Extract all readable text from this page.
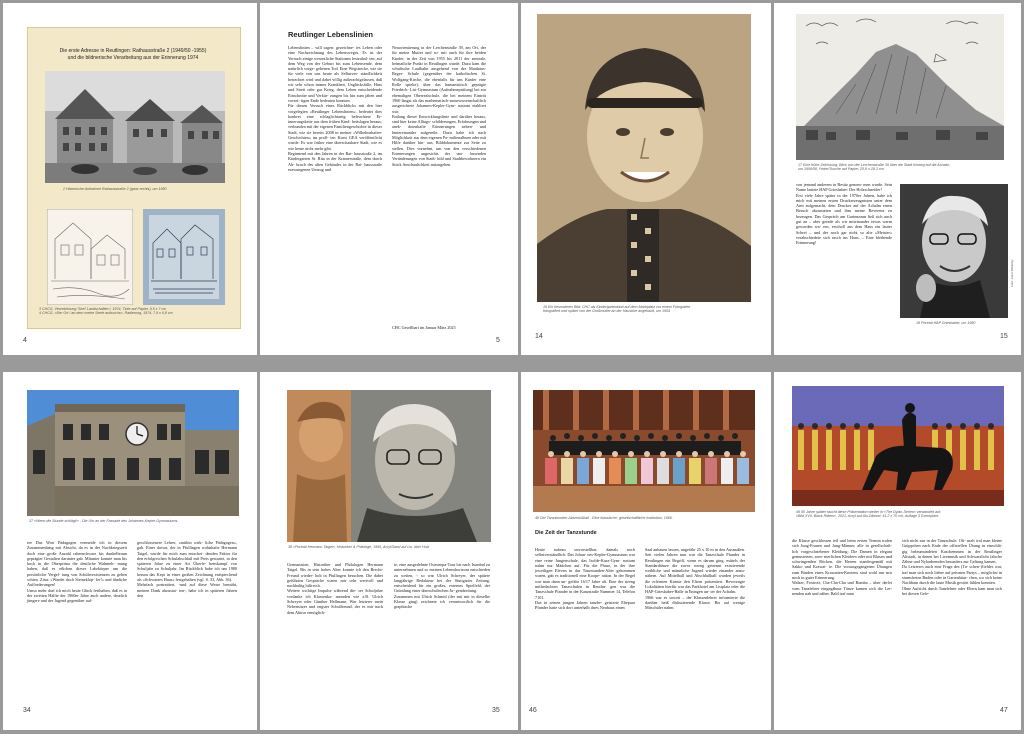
Die erste Adresse in Reutlingen: Rathausstraße 2 (1949/50 -1955)
und die bildnerische Verarbeitung aus der Erinnerung 1974
2 Historische Aufnahme Rathausstraße 2 (ganz rechts), um 1950
3 CHCG, Verzeichnung 'Seel' Landschaften I, 1974, Tinte auf Papier, 9,5 x 7 cm
4 CHCG, »Der Ort / an dem meine Seele aufwuchs«, Radierung, 1974, 7,9 x 6,8 cm
4
Reutlinger Lebenslinien
Lebenslinien – will sagen: gezeichne- tes Leben oder eine Nachzeichnung des Lebensweges. Es ist der Versuch einige wesentliche Stationen festzuhal- ten, auf dem Weg von der Geburt bis zum Lebensende, dem natürlich vorge- gebenen Tod. Eine Wegstrecke, wie sie für viele von uns heute als Selbstver- ständlichkeit betrachtet wird und dabei völlig außerachtgelassen, daß wir sehr schon immer Krankheit, Unglücksfälle, Hass und Streit oder gar Krieg, dem Leben entscheidende Einschnitte und Verkür- zungen bis hin zum jähen und vorzei- tigen Ende bedeuten konnten.
Für diesen Versuch eines Rückblicks mit den hier vorgelegten »Reutlinger Lebenslinien«, bedeutet dies konkret eine schlaglichtartig beleuchtete Er- innerungskette aus dem frühen Kind- heitslagen heraus, verbunden mit der eigenen Familiengeschichte in dieser Stadt, wie sie bereits 2008 in meiner »Wilhelmshafen-Geschichten« im prall- ten Kurst GEA veröffentlicht wurde. Es war früher eine überschaubare Stadt, wie es wie heute nicht mehr gibt.
Beginnend mit den Jahren in der Rat- hausstraße 2, im Kindergarten St. Rita in der Kramerstraße, dem durch Ab- bruch des alten Gebäudes in der Rat- hausstraße erzwungenen Umzug und
Neuorientierung in der Lerchenstraße 39, am Ort, der für meine Mutter und so- mit auch für ihre beiden Kinder, in der Zeit von 1955 bis 2011 der zentrale, heimatliche Punkt in Reutlingen wurde. Dazu kam die schulische Laufbahn ausgehend von der Matthäus-Beger- Schule (gegenüber der katholischen St. Wolfgang-Kirche, die ebenfalls für uns Kinder eine Rolle spielte), über das humanistisch geprägte Friedrich- List-Gymnasium (Aufnahmeprüfung) bei zur ehemaligen Oberrealschule, die bei meinem Eintritt 1960 längst als das mathematisch-naturwissenschaftlich ausgerichtete Johannes-Kepler-Gym- nasium etabliert war.
Entlang dieser Entwicklungslinie und darüber heraus, sind hier keine Alltags- schilderungen, Erfahrungen und anek- dotenhafte Erinnerungen neben- und hintereinander aufgereiht. Dazu habe ich nach Möglichkeit aus dem eigenen Fa- milienalbum oder mit Hilfe darüber hin- aus, Bilddokumente zur Seite zu stellen. Dies vornehm, um von den verschiedenen Erinnerungen angesichts der um- fassenden Veränderungen von Stadt- bild und Stadtbewohnern ein Stück Anschaulichkeit mitzugeben.
CHC Gesellhart im Januar März 2025
5
16 Ein besonderes Bild: CHC als Kindergartenkind auf dem Marktplatz vor einem Fotografen
fotografiert und später von der Großmutter an der Haustüre angekauft, um 1954
14
17 Eine frühe Zeichnung: Blick von der Lerchenstraße 39 über die Stadt hinweg auf die Achalm,
um 1956/58, Feder/Tusche auf Papier, 20,8 x 28,3 cm.
von jemand anderem in Besitz genom- men wurde. Sein Name lautete HAP Grieshaber: Der Holzschneider!
Erst viele Jahre später in der 1970er Jahren, habe ich mich mit meinen ersten Druckerzeugnissen unter dem Arm aufgemacht, dem Drucker auf der Achalm einen Besuch abzustatten und ihm meine Reverenz zu bezeugen. Das Gespräch am Gartenzaun ließ sich auch gut an – aber gerade als wir miteinander etwas warm geworden wa- ren, erscholl aus dem Haus ein lauter Schrei – und der noch gar nicht so alte »Meister« verabschiedete sich rasch ins Haus. – Eine bleibende Erinnerung!
18 Portrait HAP Grieshaber, um 1980
Foto: Horst Wilderby
15
37 »Wenn die Stunde schlägt!« - Die Uhr an der Fassade des Johannes-Kepler-Gymnasiums.
ree Das Wort Pädagogen vermeide ich in diesem Zusammenhang mit Absicht, da es in der Nachkriegszeit doch eine große Anzahl rabenschwarz bis dunkelbraun geprägter Gestalten darunter gab. Mitunter konnte man bis hoch in die Oberprima die deutliche Wahrneh- mung haben, daß es etlichen dieser Lehrkörper um die persönliche Vergel- tung von Schülerexistenzen zu gehen schien. Zitat: »Wardet doch Steineklop- fer!« und ähnliche Aufforderungen!
Umso mehr darf ich mich heute Glück festhalten, daß es in der zweiten Hälfte der 1960er Jahre auch andere, deutlich jüngere und der Jugend gegenüber auf-
geschlossenere Lehrer, »mithin wirk- liche Pädagogen«, gab. Einer davon, der in Pfullingen wohnhafte Hermann Taigel, wurde für mich zum entschei- denden Faktor für den erfolgreichen Schulabschluß mit Preis gestartet, in den späteren Jahre zu einer Art Überle- benskampf von Schuljahr zu Schuljahr. Im Rückblick habe ich um 1980 herum das Kepi in einer großen Zeichnung entsprechend als »Schwarzes Haus« festgehalten (vgl. S. 33, Abb. 36).
Mehrfach portraitiert, -und auf diese Weise bemüht, meinen Dank abzustat- ten-, habe ich in späteren Jahren den
34
38 »Portrait Hermann Taigel«, Historiker & Philologe, 1995, Acryl/Sand auf Lw. über Holz
Germanisten, Historiker und Philologen Hermann Taigel. Bis in sein hohes Alter konnte ich den Brecht-Freund wieder- holt in Pfullingen besuchen. Die dabei geführten Gespräche waren mir sehr wertvoll und nachhaltig hilfreich.
Weitere wichtige Impulse während die- ser Schuljahre verdanke ich Klassenka- meraden wie z.B. Ulrich Schreyer oder Günther Hellmann. War letzterer mein Nebensitzer und engster Schulfreund, der es mir nach dem Abitur ermöglich-
te, eine ausgedehnte Osteuropa-Tour bis nach Istanbul zu unternehmen und so meinen Lebenshorizont entschieden zu weiten, - so war Ulrich Schreyer, der spätere langjährige Redakteur bei der Stuttgarter Zeitung, entscheidend für ein großes, externes Spielfeld, der Gründung einer überschulischen Ju- gendzeitung.
Zusammen mit Ulrich Schmid (der mit mir in dieselbe Klasse ging) zeichnete ich verantwortlich für die graphische
35
48 Der Tanzstunden-Abschlußball - Eine klassische, gesellschaftliche Institution, 1966.
Die Zeit der Tanzstunde
Heute nahezu unvorstellbar, damals noch selbstverständlich: Das Johan- nes-Kepler-Gymnasium war eine reine Jungenschule, das Isolde-Kurz-Gym- nasium nahm nur Mädchen auf. Für die Phase, in der ihre jeweiligen Eleven in das Tanzstunden-Alter gekommen waren, gab es traditionell eine Koope- ration. In der Regel war man dann un- gefähr 16/17 Jahre alt. Eine der streng mitbedachten Tanzschulen in Reutlin- gen war die Tanzschule Pfander in der Kanzstraße Nummer 14, Telefon 7101.
Das in seinen jungen Jahren tanzbe- geisterte Ehepaar Pfander hatte sich dort unterhalb ihres Neubaus einen
Saal anbauen lassen, ungefähr 25 x 10 m in den Ausmaßen. Seit vielen Jahren nun war die Tanzschule Pfander in Reutlingen ein Begriff, wenn es darum ging, mittels der Standardtänze die zuvor streng getrennt existierende weibliche und männliche Jugend wieder einander anzu- nähern. Auf Mittelball und Abschlußball wurden jeweils die erlernten Künste den Eltern präsentiert. Bevorzugte Lokalitäten hierfür war das Parkhotel am Listplatz oder die HAP-Grieshaber-Halle in Eningen un- ter der Achalm.
1966 war es soweit – der Klassenlehrer informierte die darüber heiß diskutierende Klasse. Bis auf wenige Mitschüler nahm
46
49 50 Jahre später taucht diese Präsentation wieder in »The Dylan-Series« verwandelt auf:
»Bild XVII, Black Riders«, 2021, Acryl auf Alu-Dibond, 41,2 x 70 cm, Auflage 3 Exemplare.
die Klasse geschlossen teil und beim ersten Termin trafen sich Jung-Frauen und Jung-Männer, alle in gesellschaft- lich vorgeschriebener Kleidung: Die Damen in elegant gemusterten, som- merlichen Kleidern oder mit Blusen und schwingenden Röcken, die Herren standesgemäß mit Sakko und Krawat- te. Die vorausgegangenen Übungen zum Binden eines Krawatten-Knotens sind wohl nur mir noch in guter Erinnerung.
Walzer, Foxtrott, Cha-Cha-Cha und Rumba – über derlei vom Tanzlehrer eingegähnte Tänze kamen sich die Ler- nenden nah und näher. Bald traf man
sich nicht nur in der Tanzschule. Oft- mals traf man kleine Grüppchen nach Ende der offiziellen Übung in einschlä- gig beleumundeten Kaschemmen in der Reutlinger Altstadt, in denen bei Livemusik und Schwarzlicht falsche Zähne und Nylonhemden besonders zur Geltung kamen.
Da Letzteres auch eine Frage des (Ta- schen-)Geldes war, traf man sich noch lieber auf privaten Partys – möglichst in sturmfreien Buden oder in Gartenhäus- chen, wo sich keine Nachbarn durch die laute Musik gestört fühlen konnten.
Ohne Aufsicht durch Tanzlehrer oder Eltern kam man sich bei diesen Gele-
47
